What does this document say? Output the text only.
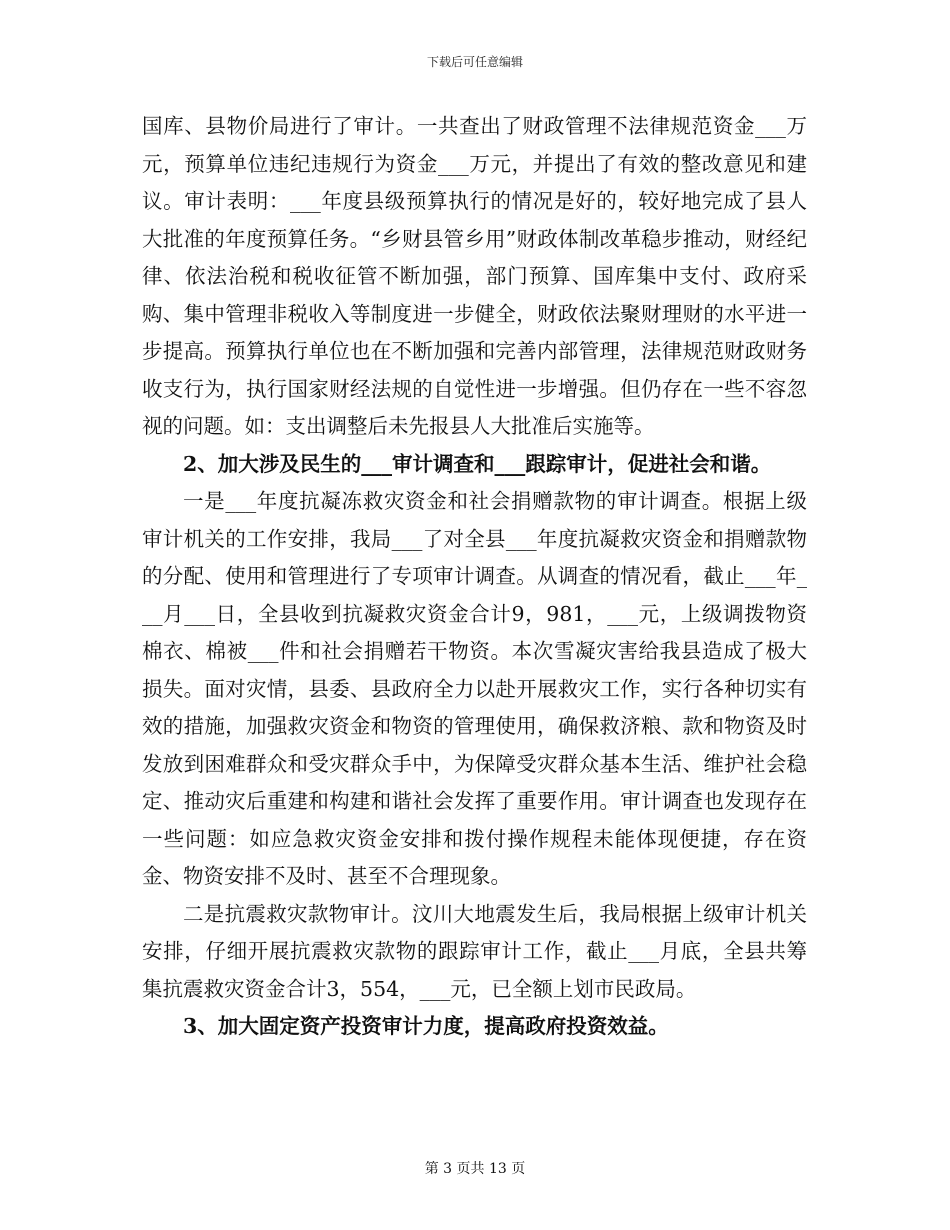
下载后可任意编辑

国库、县物价局进行了审计。一共查出了财政管理不法律规范资金___万元，预算单位违纪违规行为资金___万元，并提出了有效的整改意见和建议。审计表明：___年度县级预算执行的情况是好的，较好地完成了县人大批准的年度预算任务。“乡财县管乡用”财政体制改革稳步推动，财经纪律、依法治税和税收征管不断加强，部门预算、国库集中支付、政府采购、集中管理非税收入等制度进一步健全，财政依法聚财理财的水平进一步提高。预算执行单位也在不断加强和完善内部管理，法律规范财政财务收支行为，执行国家财经法规的自觉性进一步增强。但仍存在一些不容忽视的问题。如：支出调整后未先报县人大批准后实施等。

2、加大涉及民生的___审计调查和___跟踪审计，促进社会和谐。

一是___年度抗凝冻救灾资金和社会捐赠款物的审计调查。根据上级审计机关的工作安排，我局___了对全县___年度抗凝救灾资金和捐赠款物的分配、使用和管理进行了专项审计调查。从调查的情况看，截止___年___月___日，全县收到抗凝救灾资金合计9，981，___元，上级调拨物资棉衣、棉被___件和社会捐赠若干物资。本次雪凝灾害给我县造成了极大损失。面对灾情，县委、县政府全力以赴开展救灾工作，实行各种切实有效的措施，加强救灾资金和物资的管理使用，确保救济粮、款和物资及时发放到困难群众和受灾群众手中，为保障受灾群众基本生活、维护社会稳定、推动灾后重建和构建和谐社会发挥了重要作用。审计调查也发现存在一些问题：如应急救灾资金安排和拨付操作规程未能体现便捷，存在资金、物资安排不及时、甚至不合理现象。

二是抗震救灾款物审计。汶川大地震发生后，我局根据上级审计机关安排，仔细开展抗震救灾款物的跟踪审计工作，截止___月底，全县共筹集抗震救灾资金合计3，554，___元，已全额上划市民政局。

3、加大固定资产投资审计力度，提高政府投资效益。

第 3 页共 13 页
